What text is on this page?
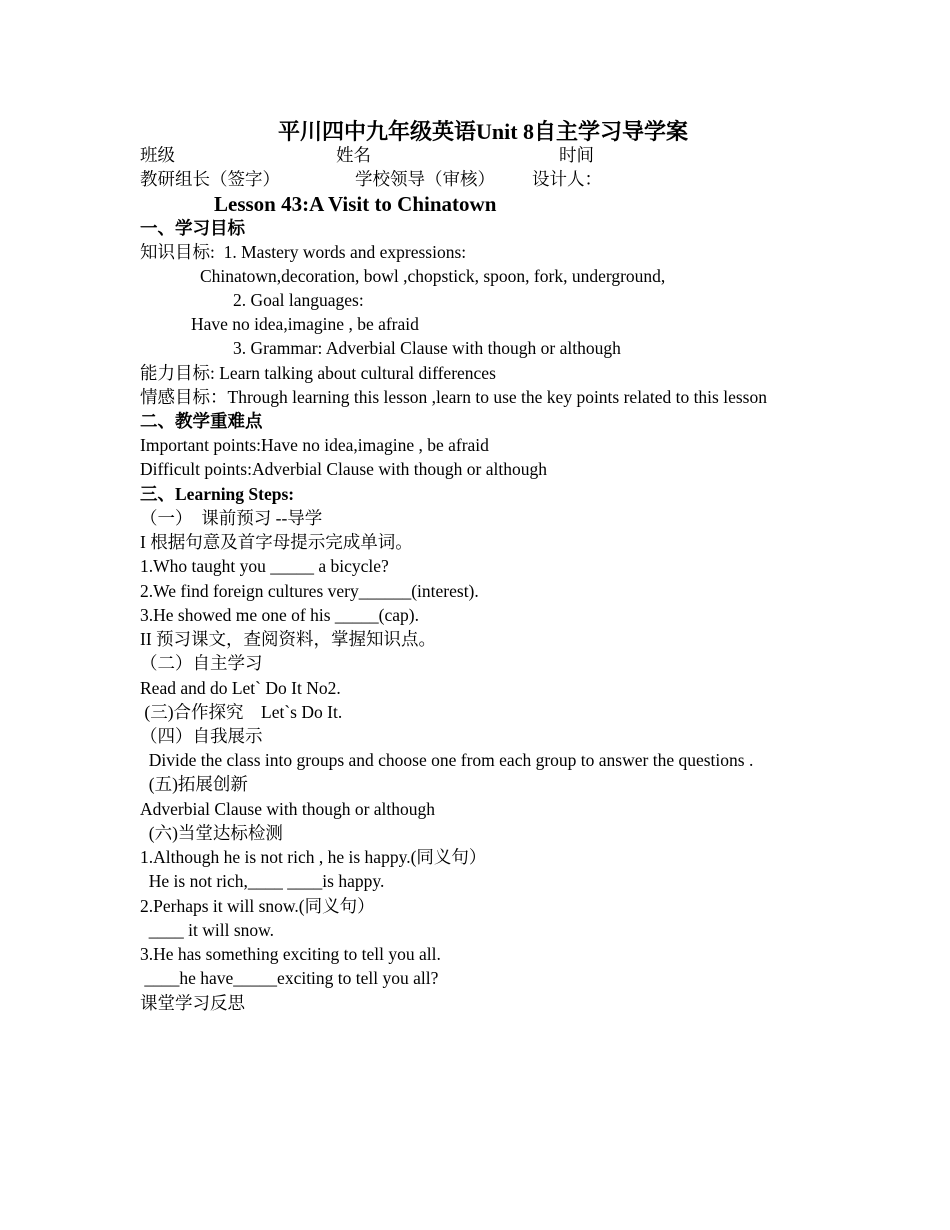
平川四中九年级英语Unit 8自主学习导学案
班级	姓名	时间
教研组长（签字）	学校领导（审核） 设计人：
Lesson 43:A Visit to Chinatown
一、学习目标
知识目标:  1. Mastery words and expressions:
Chinatown,decoration, bowl ,chopstick, spoon, fork, underground,
2. Goal languages:
Have no idea,imagine , be afraid
3. Grammar: Adverbial Clause with though or although
能力目标: Learn talking about cultural differences
情感目标：Through learning this lesson ,learn to use the key points related to this lesson
二、教学重难点
Important points:Have no idea,imagine , be afraid
Difficult points:Adverbial Clause with though or although
三、Learning Steps:
（一）  课前预习 --导学
I 根据句意及首字母提示完成单词。
1.Who taught you _____ a bicycle?
2.We find foreign cultures very______(interest).
3.He showed me one of his _____(cap).
II 预习课文，查阅资料，掌握知识点。
（二）自主学习
Read and do Let` Do It No2.
(三)合作探究    Let`s Do It.
（四）自我展示
Divide the class into groups and choose one from each group to answer the questions .
(五)拓展创新
Adverbial Clause with though or although
(六)当堂达标检测
1.Although he is not rich , he is happy.(同义句）
He is not rich,____ ____is happy.
2.Perhaps it will snow.(同义句）
____ it will snow.
3.He has something exciting to tell you all.
____he have_____exciting to tell you all?
课堂学习反思
